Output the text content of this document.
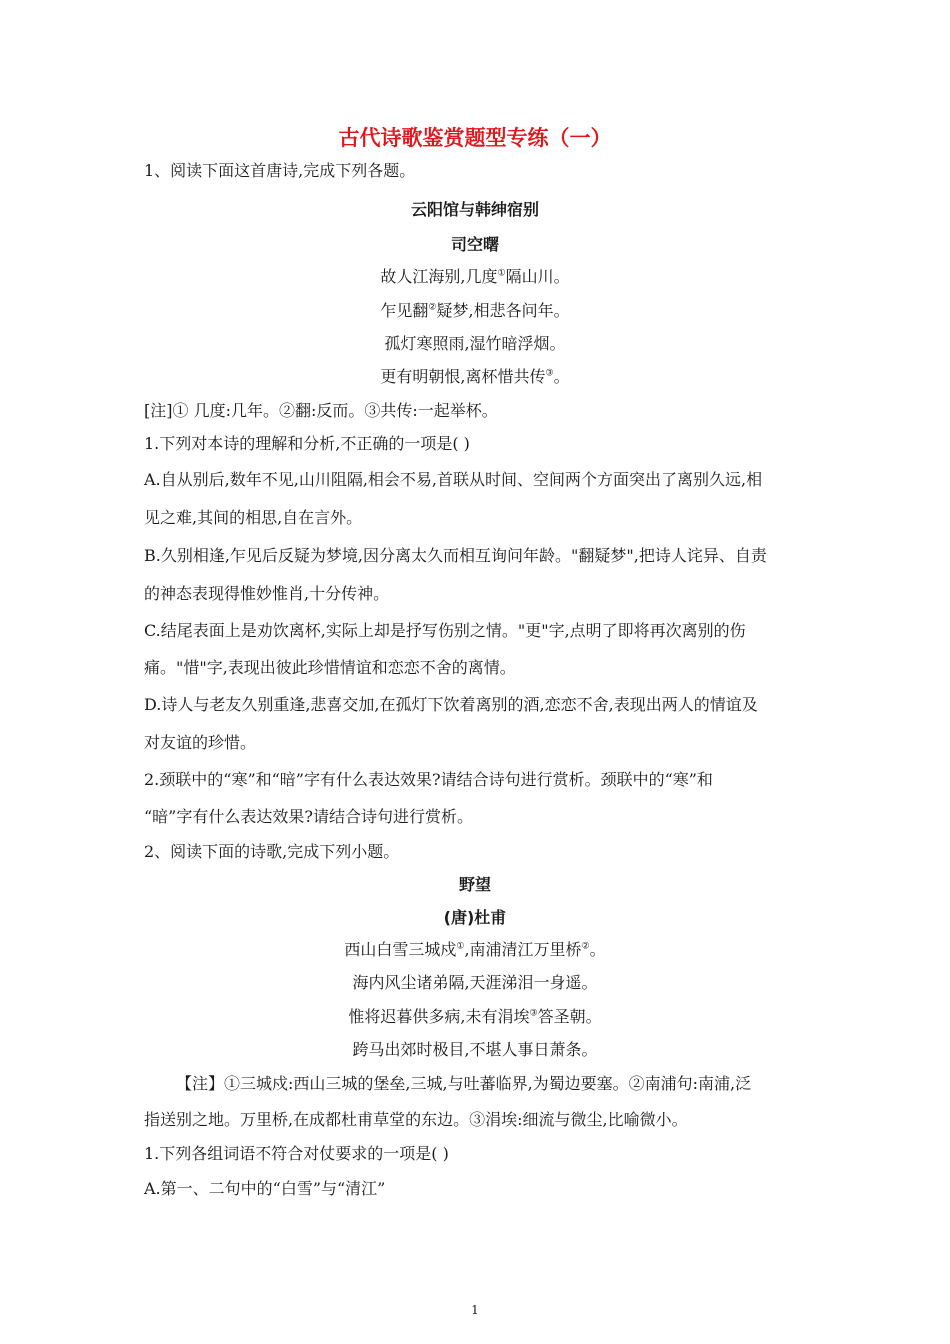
古代诗歌鉴赏题型专练（一）
1、阅读下面这首唐诗,完成下列各题。
云阳馆与韩绅宿别
司空曙
故人江海别,几度①隔山川。
乍见翻②疑梦,相悲各问年。
孤灯寒照雨,湿竹暗浮烟。
更有明朝恨,离杯惜共传③。
[注]① 几度:几年。②翻:反而。③共传:一起举杯。
1.下列对本诗的理解和分析,不正确的一项是( )
A.自从别后,数年不见,山川阻隔,相会不易,首联从时间、空间两个方面突出了离别久远,相
见之难,其间的相思,自在言外。
B.久别相逢,乍见后反疑为梦境,因分离太久而相互询问年龄。"翻疑梦",把诗人诧异、自责
的神态表现得惟妙惟肖,十分传神。
C.结尾表面上是劝饮离杯,实际上却是抒写伤别之情。"更"字,点明了即将再次离别的伤
痛。"惜"字,表现出彼此珍惜情谊和恋恋不舍的离情。
D.诗人与老友久别重逢,悲喜交加,在孤灯下饮着离别的酒,恋恋不舍,表现出两人的情谊及
对友谊的珍惜。
2.颈联中的“寒”和“暗”字有什么表达效果?请结合诗句进行赏析。颈联中的“寒”和
“暗”字有什么表达效果?请结合诗句进行赏析。
2、阅读下面的诗歌,完成下列小题。
野望
(唐)杜甫
西山白雪三城戍①,南浦清江万里桥②。
海内风尘诸弟隔,天涯涕泪一身遥。
惟将迟暮供多病,未有涓埃③答圣朝。
跨马出郊时极目,不堪人事日萧条。
【注】①三城戍:西山三城的堡垒,三城,与吐蕃临界,为蜀边要塞。②南浦句:南浦,泛
指送别之地。万里桥,在成都杜甫草堂的东边。③涓埃:细流与微尘,比喻微小。
1.下列各组词语不符合对仗要求的一项是( )
A.第一、二句中的“白雪”与“清江”
1
